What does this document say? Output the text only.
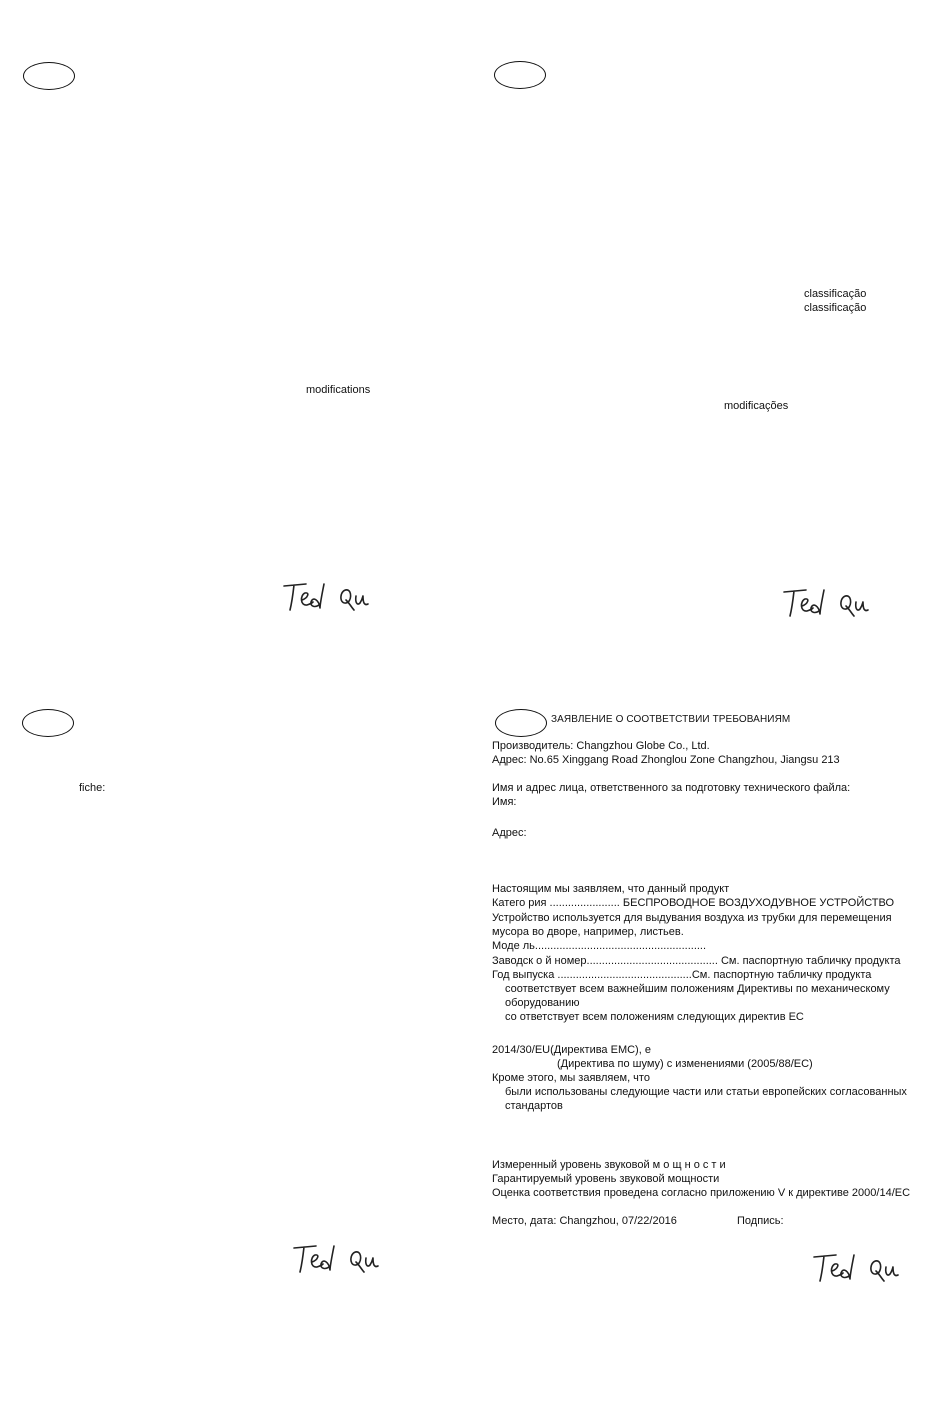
modifications
classificação
classificação
modificações
fiche:
ЗАЯВЛЕНИЕ О СООТВЕТСТВИИ ТРЕБОВАНИЯМ
Производитель: Changzhou Globe Co., Ltd.
Адрес: No.65 Xinggang Road Zhonglou Zone Changzhou, Jiangsu 213
Имя и адрес лица, ответственного за подготовку технического файла:
Имя:
Адрес:
Настоящим мы заявляем, что данный продукт
Катего рия ....................... БЕСПРОВОДНОЕ ВОЗДУХОДУВНОЕ УСТРОЙСТВО
Устройство используется для выдувания воздуха из трубки для перемещения
мусора во дворе, например, листьев.
Моде ль........................................................
Заводск о й номер........................................... См. паспортную табличку продукта
Год выпуска ............................................См. паспортную табличку продукта
соответствует всем важнейшим положениям Директивы по механическому
оборудованию
со ответствует всем положениям следующих директив ЕС
2014/30/EU(Директива EMC), е
(Директива по шуму) с изменениями (2005/88/EC)
Кроме этого, мы заявляем, что
были использованы следующие части или статьи европейских согласованных
стандартов
Измеренный уровень звуковой м о щ н о с т и
Гарантируемый уровень звуковой мощности
Оценка соответствия проведена согласно приложению V к директиве 2000/14/EC
Место, дата: Changzhou, 07/22/2016	Подпись:
